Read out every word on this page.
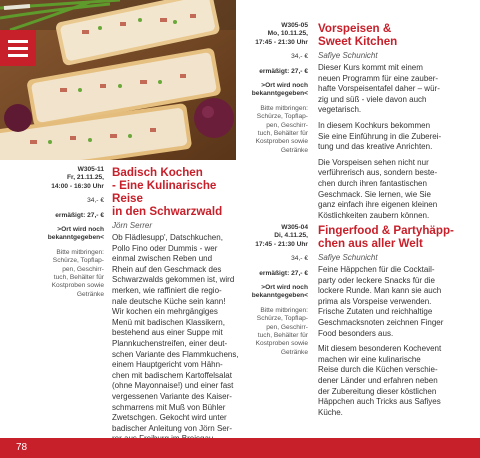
W305-11
Fr, 21.11.25,
14:00 - 16:30 Uhr
34,- €
ermäßigt: 27,- €
>Ort wird noch
bekanntgegeben<
Bitte mitbringen:
Schürze, Topflap-
pen, Geschirr-
tuch, Behälter für
Kostproben sowie
Getränke
Badisch Kochen
- Eine Kulinarische Reise
in den Schwarzwald
Jörn Serrer

Ob Flädlesupp', Datschkuchen,
Pollo Fino oder Dummis - wer
einmal zwischen Reben und
Rhein auf den Geschmack des
Schwarzwalds gekommen ist, wird
merken, wie raffiniert die regio-
nale deutsche Küche sein kann!
Wir kochen ein mehrgängiges
Menü mit badischen Klassikern,
bestehend aus einer Suppe mit
Plannkuchenstreifen, einer deut-
schen Variante des Flammkuchens,
einem Hauptgericht vom Hähn-
chen mit badischem Kartoffelsalat
(ohne Mayonnaise!) und einer fast
vergessenen Variante des Kaiser-
schmarrens mit Muß von Bühler
Zwetschgen. Gekocht wird unter
badischer Anleitung von Jörn Ser-

W305-05
Mo, 10.11.25,
17:45 - 21:30 Uhr
34,- €
ermäßigt: 27,- €
>Ort wird noch
bekanntgegeben<
Bitte mitbringen:
Schürze, Topflap-
pen, Geschirr-
tuch, Behälter für
Kostproben sowie
Getränke
Vorspeisen &
Sweet Kitchen
Safiye Schunicht

Dieser Kurs kommt mit einem
neuen Programm für eine zauber-
hafte Vorspeisentafel daher – wür-
zig und süß - viele davon auch
vegetarisch.

In diesem Kochkurs bekommen
Sie eine Einführung in die Zuberei-
tung und das kreative Anrichten.

Die Vorspeisen sehen nicht nur
verführerisch aus, sondern beste-
chen durch ihren fantastischen
Geschmack. Sie lernen, wie Sie
ganz einfach ihre eigenen kleinen
Köstlichkeiten zaubern können.

W305-04
Di, 4.11.25,
17:45 - 21:30 Uhr
34,- €
ermäßigt: 27,- €
>Ort wird noch
bekanntgegeben<
Bitte mitbringen:
Schürze, Topflap-
pen, Geschirr-
tuch, Behälter für
Kostproben sowie
Getränke
Fingerfood & Partyhäpp-
chen aus aller Welt
Safiye Schunicht

Feine Häppchen für die Cocktail-
party oder leckere Snacks für die
lockere Runde. Man kann sie auch
prima als Vorspeise verwenden.
Frische Zutaten und reichhaltige
Geschmacksnoten zeichnen Finger
Food besonders aus.

Mit diesem besonderen Kochevent
machen wir eine kulinarische
Reise durch die Küchen verschie-
dener Länder und erfahren neben
der Zubereitung dieser köstlichen
Häppchen auch Tricks aus Safiyes
Küche.

78
